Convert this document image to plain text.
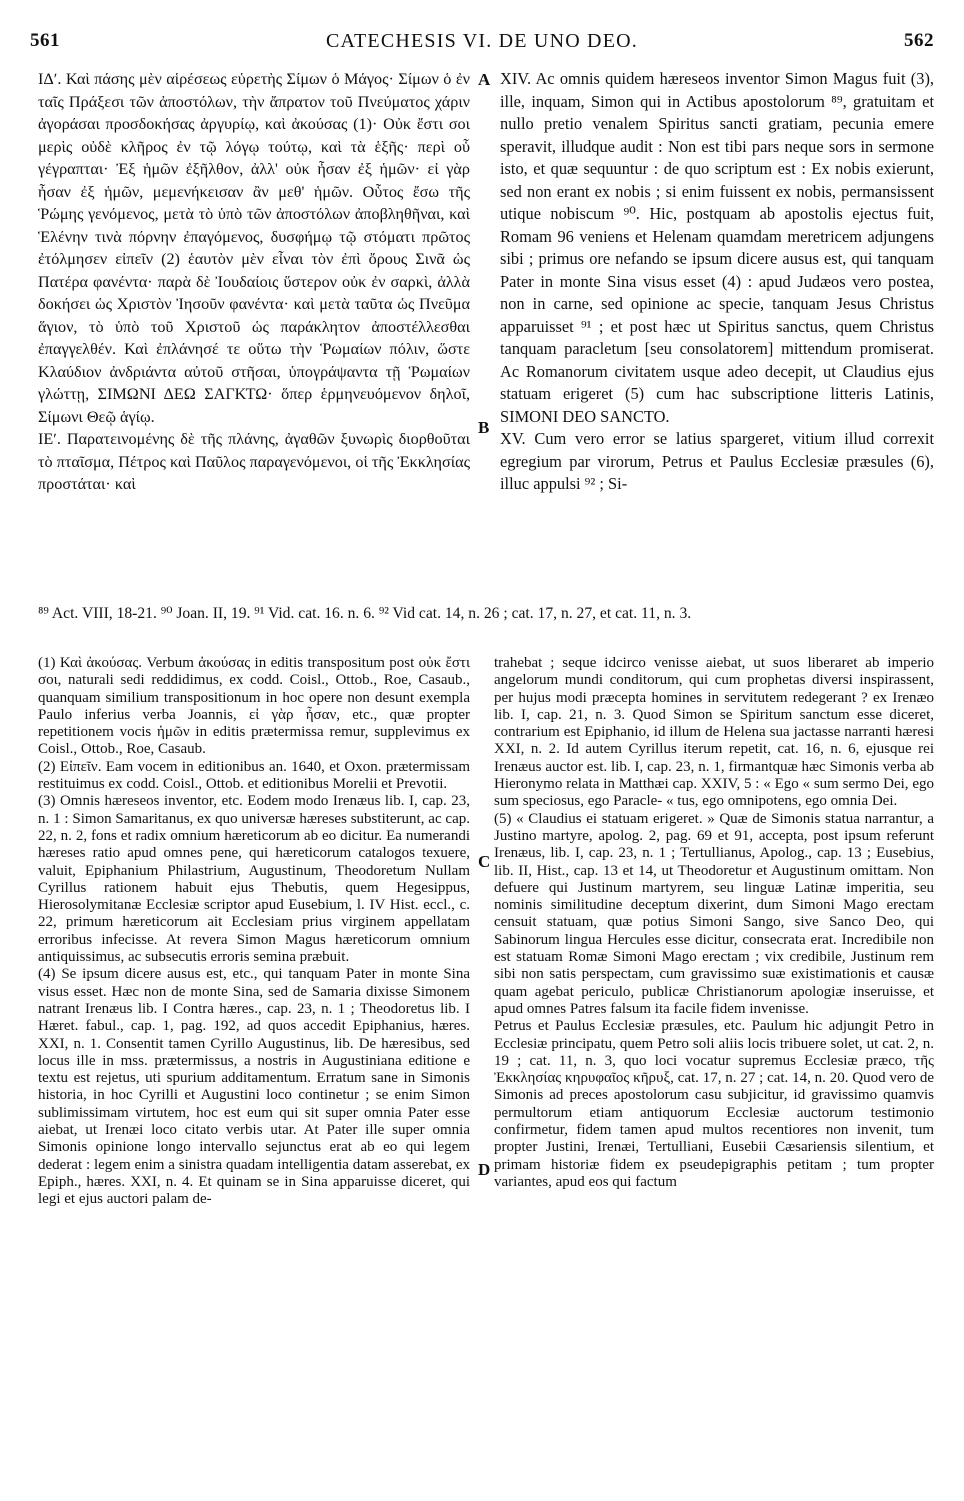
561	CATECHESIS VI. DE UNO DEO.	562
A
B
C
D

ΙΔʹ. Καὶ πάσης μὲν αἱρέσεως εὑρετὴς Σίμων ὁ Μάγος· Σίμων ὁ ἐν ταῖς Πράξεσι τῶν ἀποστόλων, τὴν ἄπρατον τοῦ Πνεύματος χάριν ἀγοράσαι προσδοκήσας ἀργυρίῳ, καὶ ἀκούσας (1)· Οὐκ ἔστι σοι μερὶς οὐδὲ κλῆρος ἐν τῷ λόγῳ τούτῳ, καὶ τὰ ἑξῆς· περὶ οὗ γέγραπται· Ἐξ ἡμῶν ἐξῆλθον, ἀλλ' οὐκ ἦσαν ἐξ ἡμῶν· εἰ γὰρ ἦσαν ἐξ ἡμῶν, μεμενήκεισαν ἂν μεθ' ἡμῶν. Οὗτος ἔσω τῆς Ῥώμης γενόμενος, μετὰ τὸ ὑπὸ τῶν ἀποστόλων ἀποβληθῆναι, καὶ Ἑλένην τινὰ πόρνην ἐπαγόμενος, δυσφήμῳ τῷ στόματι πρῶτος ἐτόλμησεν εἰπεῖν (2) ἑαυτὸν μὲν εἶναι τὸν ἐπὶ ὄρους Σινᾶ ὡς Πατέρα φανέντα· παρὰ δὲ Ἰουδαίοις ὕστερον οὐκ ἐν σαρκὶ, ἀλλὰ δοκήσει ὡς Χριστὸν Ἰησοῦν φανέντα· καὶ μετὰ ταῦτα ὡς Πνεῦμα ἅγιον, τὸ ὑπὸ τοῦ Χριστοῦ ὡς παράκλητον ἀποστέλλεσθαι ἐπαγγελθέν. Καὶ ἐπλάνησέ τε οὕτω τὴν Ῥωμαίων πόλιν, ὥστε Κλαύδιον ἀνδριάντα αὐτοῦ στῆσαι, ὑπογράψαντα τῇ Ῥωμαίων γλώττῃ, ΣΙΜΩΝΙ ΔΕΩ ΣΑΓΚΤΩ· ὅπερ ἑρμηνευόμενον δηλοῖ, Σίμωνι Θεῷ ἁγίῳ.

ΙΕʹ. Παρατεινομένης δὲ τῆς πλάνης, ἀγαθῶν ξυνωρὶς διορθοῦται τὸ πταῖσμα, Πέτρος καὶ Παῦλος παραγενόμενοι, οἱ τῆς Ἐκκλησίας προστάται· καὶ

XIV. Ac omnis quidem hæreseos inventor Simon Magus fuit (3), ille, inquam, Simon qui in Actibus apostolorum ⁸⁹, gratuitam et nullo pretio venalem Spiritus sancti gratiam, pecunia emere speravit, illudque audit : Non est tibi pars neque sors in sermone isto, et quæ sequuntur : de quo scriptum est : Ex nobis exierunt, sed non erant ex nobis ; si enim fuissent ex nobis, permansissent utique nobiscum ⁹⁰. Hic, postquam ab apostolis ejectus fuit, Romam 96 veniens et Helenam quamdam meretricem adjungens sibi ; primus ore nefando se ipsum dicere ausus est, qui tanquam Pater in monte Sina visus esset (4) : apud Judæos vero postea, non in carne, sed opinione ac specie, tanquam Jesus Christus apparuisset ⁹¹ ; et post hæc ut Spiritus sanctus, quem Christus tanquam paracletum [seu consolatorem] mittendum promiserat. Ac Romanorum civitatem usque adeo decepit, ut Claudius ejus statuam erigeret (5) cum hac subscriptione litteris Latinis, SIMONI DEO SANCTO.

XV. Cum vero error se latius spargeret, vitium illud correxit egregium par virorum, Petrus et Paulus Ecclesiæ præsules (6), illuc appulsi ⁹² ; Si-

⁸⁹ Act. VIII, 18-21. ⁹⁰ Joan. II, 19. ⁹¹ Vid. cat. 16. n. 6. ⁹² Vid cat. 14, n. 26 ; cat. 17, n. 27, et cat. 11, n. 3.

(1) Καὶ ἀκούσας. Verbum ἀκούσας in editis transpositum post οὐκ ἔστι σοι, naturali sedi reddidimus, ex codd. Coisl., Ottob., Roe, Casaub., quanquam similium transpositionum in hoc opere non desunt exempla Paulo inferius verba Joannis, εἰ γὰρ ἦσαν, etc., quæ propter repetitionem vocis ἡμῶν in editis prætermissa remur, supplevimus ex Coisl., Ottob., Roe, Casaub.

(2) Εἰπεῖν. Eam vocem in editionibus an. 1640, et Oxon. prætermissam restituimus ex codd. Coisl., Ottob. et editionibus Morelii et Prevotii.

(3) Omnis hæreseos inventor, etc. Eodem modo Irenæus lib. I, cap. 23, n. 1 : Simon Samaritanus, ex quo universæ hæreses substiterunt, ac cap. 22, n. 2, fons et radix omnium hæreticorum ab eo dicitur. Ea numerandi hæreses ratio apud omnes pene, qui hæreticorum catalogos texuere, valuit, Epiphanium Philastrium, Augustinum, Theodoretum Nullam Cyrillus rationem habuit ejus Thebutis, quem Hegesippus, Hierosolymitanæ Ecclesiæ scriptor apud Eusebium, l. IV Hist. eccl., c. 22, primum hæreticorum ait Ecclesiam prius virginem appellatam erroribus infecisse. At revera Simon Magus hæreticorum omnium antiquissimus, ac subsecutis erroris semina præbuit.

(4) Se ipsum dicere ausus est, etc., qui tanquam Pater in monte Sina visus esset. Hæc non de monte Sina, sed de Samaria dixisse Simonem natrant Irenæus lib. I Contra hæres., cap. 23, n. 1 ; Theodoretus lib. I Hæret. fabul., cap. 1, pag. 192, ad quos accedit Epiphanius, hæres. XXI, n. 1. Consentit tamen Cyrillo Augustinus, lib. De hæresibus, sed locus ille in mss. prætermissus, a nostris in Augustiniana editione e textu est rejetus, uti spurium additamentum. Erratum sane in Simonis historia, in hoc Cyrilli et Augustini loco continetur ; se enim Simon sublimissimam virtutem, hoc est eum qui sit super omnia Pater esse aiebat, ut Irenæi loco citato verbis utar. At Pater ille super omnia Simonis opinione longo intervallo sejunctus erat ab eo qui legem dederat : legem enim a sinistra quadam intelligentia datam asserebat, ex Epiph., hæres. XXI, n. 4. Et quinam se in Sina apparuisse diceret, qui legi et ejus auctori palam de-

trahebat ; seque idcirco venisse aiebat, ut suos liberaret ab imperio angelorum mundi conditorum, qui cum prophetas diversi inspirassent, per hujus modi præcepta homines in servitutem redegerant ? ex Irenæo lib. I, cap. 21, n. 3. Quod Simon se Spiritum sanctum esse diceret, contrarium est Epiphanio, id illum de Helena sua jactasse narranti hæresi XXI, n. 2. Id autem Cyrillus iterum repetit, cat. 16, n. 6, ejusque rei Irenæus auctor est. lib. I, cap. 23, n. 1, firmantquæ hæc Simonis verba ab Hieronymo relata in Matthæi cap. XXIV, 5 : « Ego « sum sermo Dei, ego sum speciosus, ego Paracle- « tus, ego omnipotens, ego omnia Dei.

(5) « Claudius ei statuam erigeret. » Quæ de Simonis statua narrantur, a Justino martyre, apolog. 2, pag. 69 et 91, accepta, post ipsum referunt Irenæus, lib. I, cap. 23, n. 1 ; Tertullianus, Apolog., cap. 13 ; Eusebius, lib. II, Hist., cap. 13 et 14, ut Theodoretur et Augustinum omittam. Non defuere qui Justinum martyrem, seu linguæ Latinæ imperitia, seu nominis similitudine deceptum dixerint, dum Simoni Mago erectam censuit statuam, quæ potius Simoni Sango, sive Sanco Deo, qui Sabinorum lingua Hercules esse dicitur, consecrata erat. Incredibile non est statuam Romæ Simoni Mago erectam ; vix credibile, Justinum rem sibi non satis perspectam, cum gravissimo suæ existimationis et causæ quam agebat periculo, publicæ Christianorum apologiæ inseruisse, et apud omnes Patres falsum ita facile fidem invenisse.

Petrus et Paulus Ecclesiæ præsules, etc. Paulum hic adjungit Petro in Ecclesiæ principatu, quem Petro soli aliis locis tribuere solet, ut cat. 2, n. 19 ; cat. 11, n. 3, quo loci vocatur supremus Ecclesiæ præco, τῆς Ἐκκλησίας κηρυφαῖος κῆρυξ, cat. 17, n. 27 ; cat. 14, n. 20. Quod vero de Simonis ad preces apostolorum casu subjicitur, id gravissimo quamvis permultorum etiam antiquorum Ecclesiæ auctorum testimonio confirmetur, fidem tamen apud multos recentiores non invenit, tum propter Justini, Irenæi, Tertulliani, Eusebii Cæsariensis silentium, et primam historiæ fidem ex pseudepigraphis petitam ; tum propter variantes, apud eos qui factum
